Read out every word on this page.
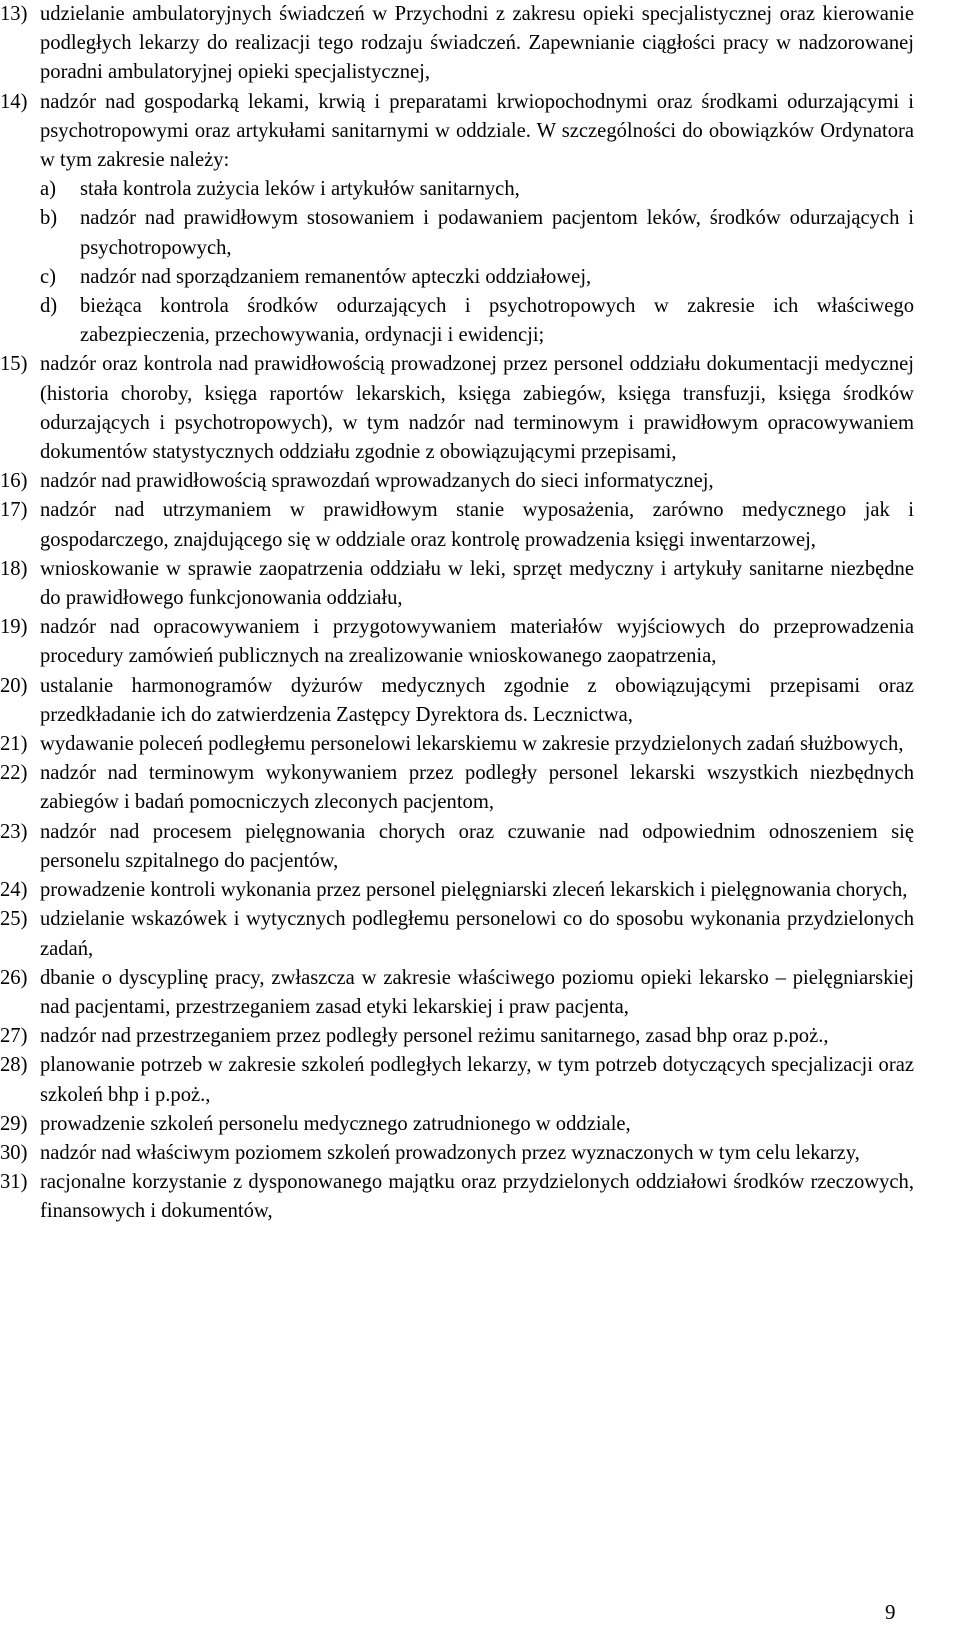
13) udzielanie ambulatoryjnych świadczeń w Przychodni z zakresu opieki specjalistycznej oraz kierowanie podległych lekarzy do realizacji tego rodzaju świadczeń. Zapewnianie ciągłości pracy w nadzorowanej poradni ambulatoryjnej opieki specjalistycznej,

14) nadzór nad gospodarką lekami, krwią i preparatami krwiopochodnymi oraz środkami odurzającymi i psychotropowymi oraz artykułami sanitarnymi w oddziale. W szczególności do obowiązków Ordynatora w tym zakresie należy:

a) stała kontrola zużycia leków i artykułów sanitarnych,

b) nadzór nad prawidłowym stosowaniem i podawaniem pacjentom leków, środków odurzających i psychotropowych,

c) nadzór nad sporządzaniem remanentów apteczki oddziałowej,

d) bieżąca kontrola środków odurzających i psychotropowych w zakresie ich właściwego zabezpieczenia, przechowywania, ordynacji i ewidencji;

15) nadzór oraz kontrola nad prawidłowością prowadzonej przez personel oddziału dokumentacji medycznej (historia choroby, księga raportów lekarskich, księga zabiegów, księga transfuzji, księga środków odurzających i psychotropowych), w tym nadzór nad terminowym i prawidłowym opracowywaniem dokumentów statystycznych oddziału zgodnie z obowiązującymi przepisami,

16) nadzór nad prawidłowością sprawozdań wprowadzanych do sieci informatycznej,

17) nadzór nad utrzymaniem w prawidłowym stanie wyposażenia, zarówno medycznego jak i gospodarczego, znajdującego się w oddziale oraz kontrolę prowadzenia księgi inwentarzowej,

18) wnioskowanie w sprawie zaopatrzenia oddziału w leki, sprzęt medyczny i artykuły sanitarne niezbędne do prawidłowego funkcjonowania oddziału,

19) nadzór nad opracowywaniem i przygotowywaniem materiałów wyjściowych do przeprowadzenia procedury zamówień publicznych na zrealizowanie wnioskowanego zaopatrzenia,

20) ustalanie harmonogramów dyżurów medycznych zgodnie z obowiązującymi przepisami oraz przedkładanie ich do zatwierdzenia Zastępcy Dyrektora ds. Lecznictwa,

21) wydawanie poleceń podległemu personelowi lekarskiemu w zakresie przydzielonych zadań służbowych,

22) nadzór nad terminowym wykonywaniem przez podległy personel lekarski wszystkich niezbędnych zabiegów i badań pomocniczych zleconych pacjentom,

23) nadzór nad procesem pielęgnowania chorych oraz czuwanie nad odpowiednim odnoszeniem się personelu szpitalnego do pacjentów,

24) prowadzenie kontroli wykonania przez personel pielęgniarski zleceń lekarskich i pielęgnowania chorych,

25) udzielanie wskazówek i wytycznych podległemu personelowi co do sposobu wykonania przydzielonych zadań,

26) dbanie o dyscyplinę pracy, zwłaszcza w zakresie właściwego poziomu opieki lekarsko – pielęgniarskiej nad pacjentami, przestrzeganiem zasad etyki lekarskiej i praw pacjenta,

27) nadzór nad przestrzeganiem przez podległy personel reżimu sanitarnego, zasad bhp oraz p.poż.,

28) planowanie potrzeb w zakresie szkoleń podległych lekarzy, w tym potrzeb dotyczących specjalizacji oraz szkoleń bhp i p.poż.,

29) prowadzenie szkoleń personelu medycznego zatrudnionego w oddziale,

30) nadzór nad właściwym poziomem szkoleń prowadzonych przez wyznaczonych w tym celu lekarzy,

31) racjonalne korzystanie z dysponowanego majątku oraz przydzielonych oddziałowi środków rzeczowych, finansowych i dokumentów,

9
